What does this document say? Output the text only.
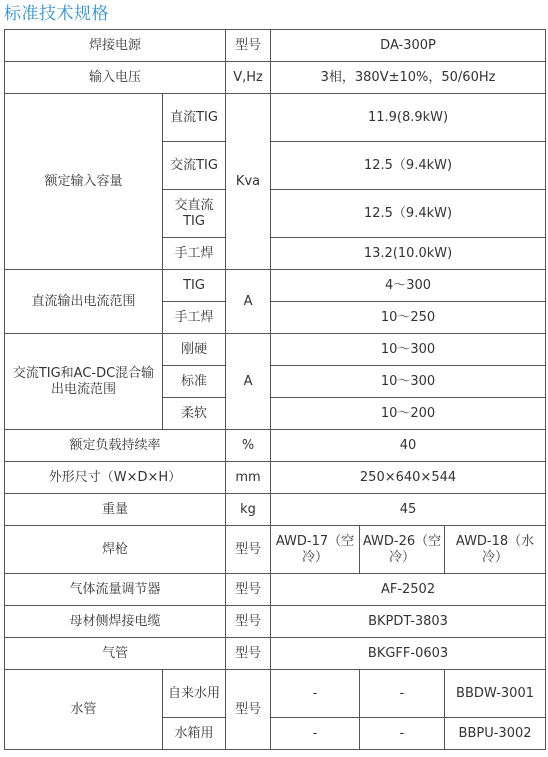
标准技术规格
焊接电源		型号	DA-300P		
输入电压		V,Hz	3相，380V±10%，50/60Hz		
额定输入容量	直流TIG	Kva	11.9(8.9kW)		
	交流TIG		12.5（9.4kW)		
	交直流TIG		12.5（9.4kW)		
	手工焊		13.2(10.0kW)		
直流输出电流范围	TIG	A	4～300		
	手工焊		10～250		
交流TIG和AC-DC混合输出电流范围	刚硬	A	10～300		
	标准		10～300		
	柔软		10～200		
额定负载持续率		%	40		
外形尺寸（W×D×H）		mm	250×640×544		
重量		kg	45		
焊枪		型号	AWD-17（空冷）	AWD-26（空冷）	AWD-18（水冷）
气体流量调节器		型号	AF-2502		
母材侧焊接电缆		型号	BKPDT-3803		
气管		型号	BKGFF-0603		
水管	自来水用	型号	-	-	BBDW-3001
	水箱用		-	-	BBPU-3002
